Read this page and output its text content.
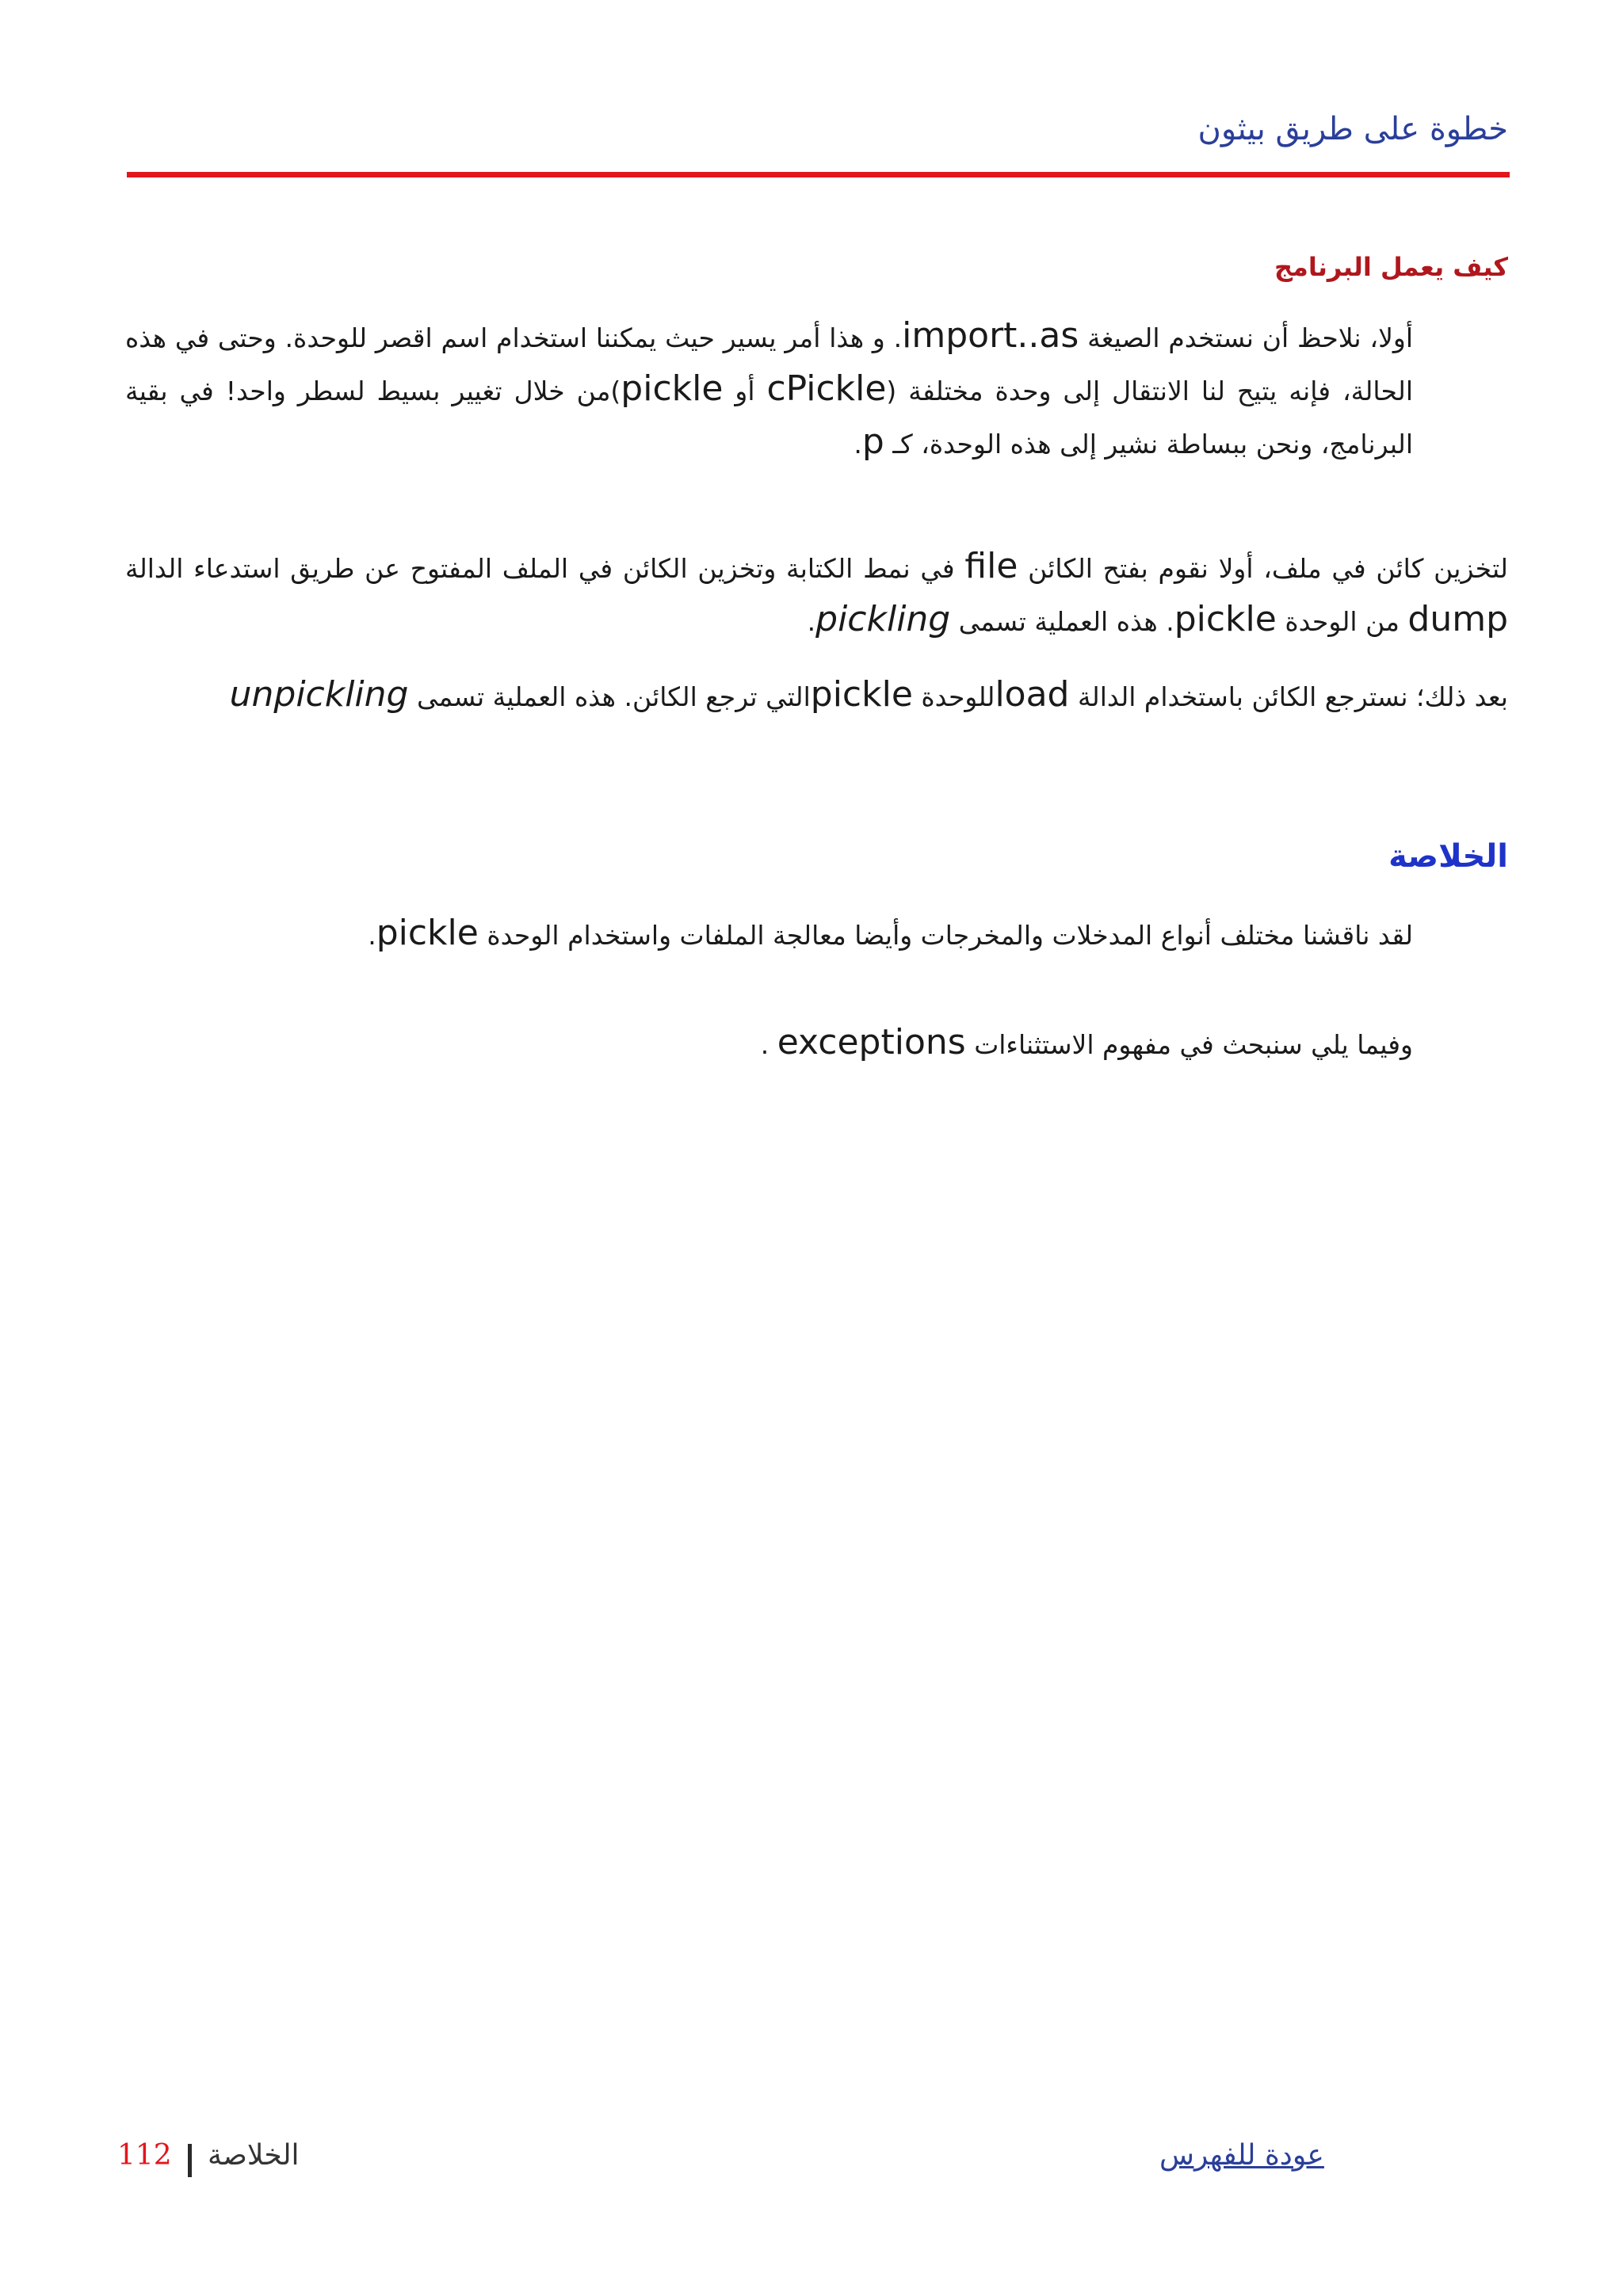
خطوة على طريق بيثون
كيف يعمل البرنامج

أولا، نلاحظ أن نستخدم الصيغة import..as. و هذا أمر يسير حيث يمكننا استخدام اسم اقصر للوحدة. وحتى في هذه الحالة، فإنه يتيح لنا الانتقال إلى وحدة مختلفة (cPickle أو pickle)من خلال تغيير بسيط لسطر واحد! في بقية البرنامج، ونحن ببساطة نشير إلى هذه الوحدة، كـ p.

لتخزين كائن في ملف، أولا نقوم بفتح الكائن file في نمط الكتابة وتخزين الكائن في الملف المفتوح عن طريق استدعاء الدالة dump من الوحدة pickle. هذه العملية تسمى pickling.

بعد ذلك؛ نسترجع الكائن باستخدام الدالة loadللوحدة pickleالتي ترجع الكائن. هذه العملية تسمى unpickling

الخلاصة

لقد ناقشنا مختلف أنواع المدخلات والمخرجات وأيضا معالجة الملفات واستخدام الوحدة pickle.

وفيما يلي سنبحث في مفهوم الاستثناءات exceptions .

112 الخلاصة	عودة للفهرس
